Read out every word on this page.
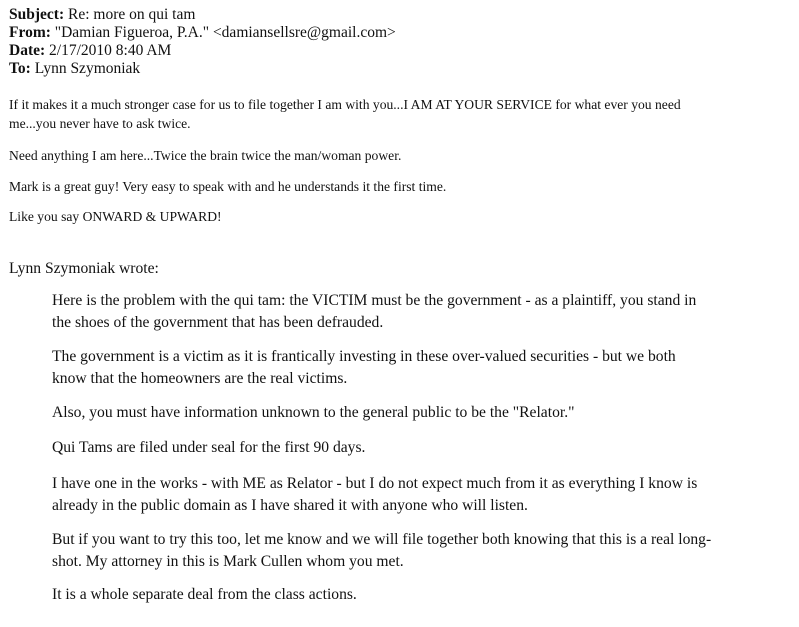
Subject: Re: more on qui tam
From: "Damian Figueroa, P.A." <damiansellsre@gmail.com>
Date: 2/17/2010 8:40 AM
To: Lynn Szymoniak
If it makes it a much stronger case for us to file together I am with you...I AM AT YOUR SERVICE for what ever you need
me...you never have to ask twice.
Need anything I am here...Twice the brain twice the man/woman power.
Mark is a great guy! Very easy to speak with and he understands it the first time.
Like you say ONWARD & UPWARD!
Lynn Szymoniak wrote:
Here is the problem with the qui tam: the VICTIM must be the government - as a plaintiff, you stand in
the shoes of the government that has been defrauded.
The government is a victim as it is frantically investing in these over-valued securities - but we both
know that the homeowners are the real victims.
Also, you must have information unknown to the general public to be the "Relator."
Qui Tams are filed under seal for the first 90 days.
I have one in the works - with ME as Relator - but I do not expect much from it as everything I know is
already in the public domain as I have shared it with anyone who will listen.
But if you want to try this too, let me know and we will file together both knowing that this is a real long-
shot. My attorney in this is Mark Cullen whom you met.
It is a whole separate deal from the class actions.
